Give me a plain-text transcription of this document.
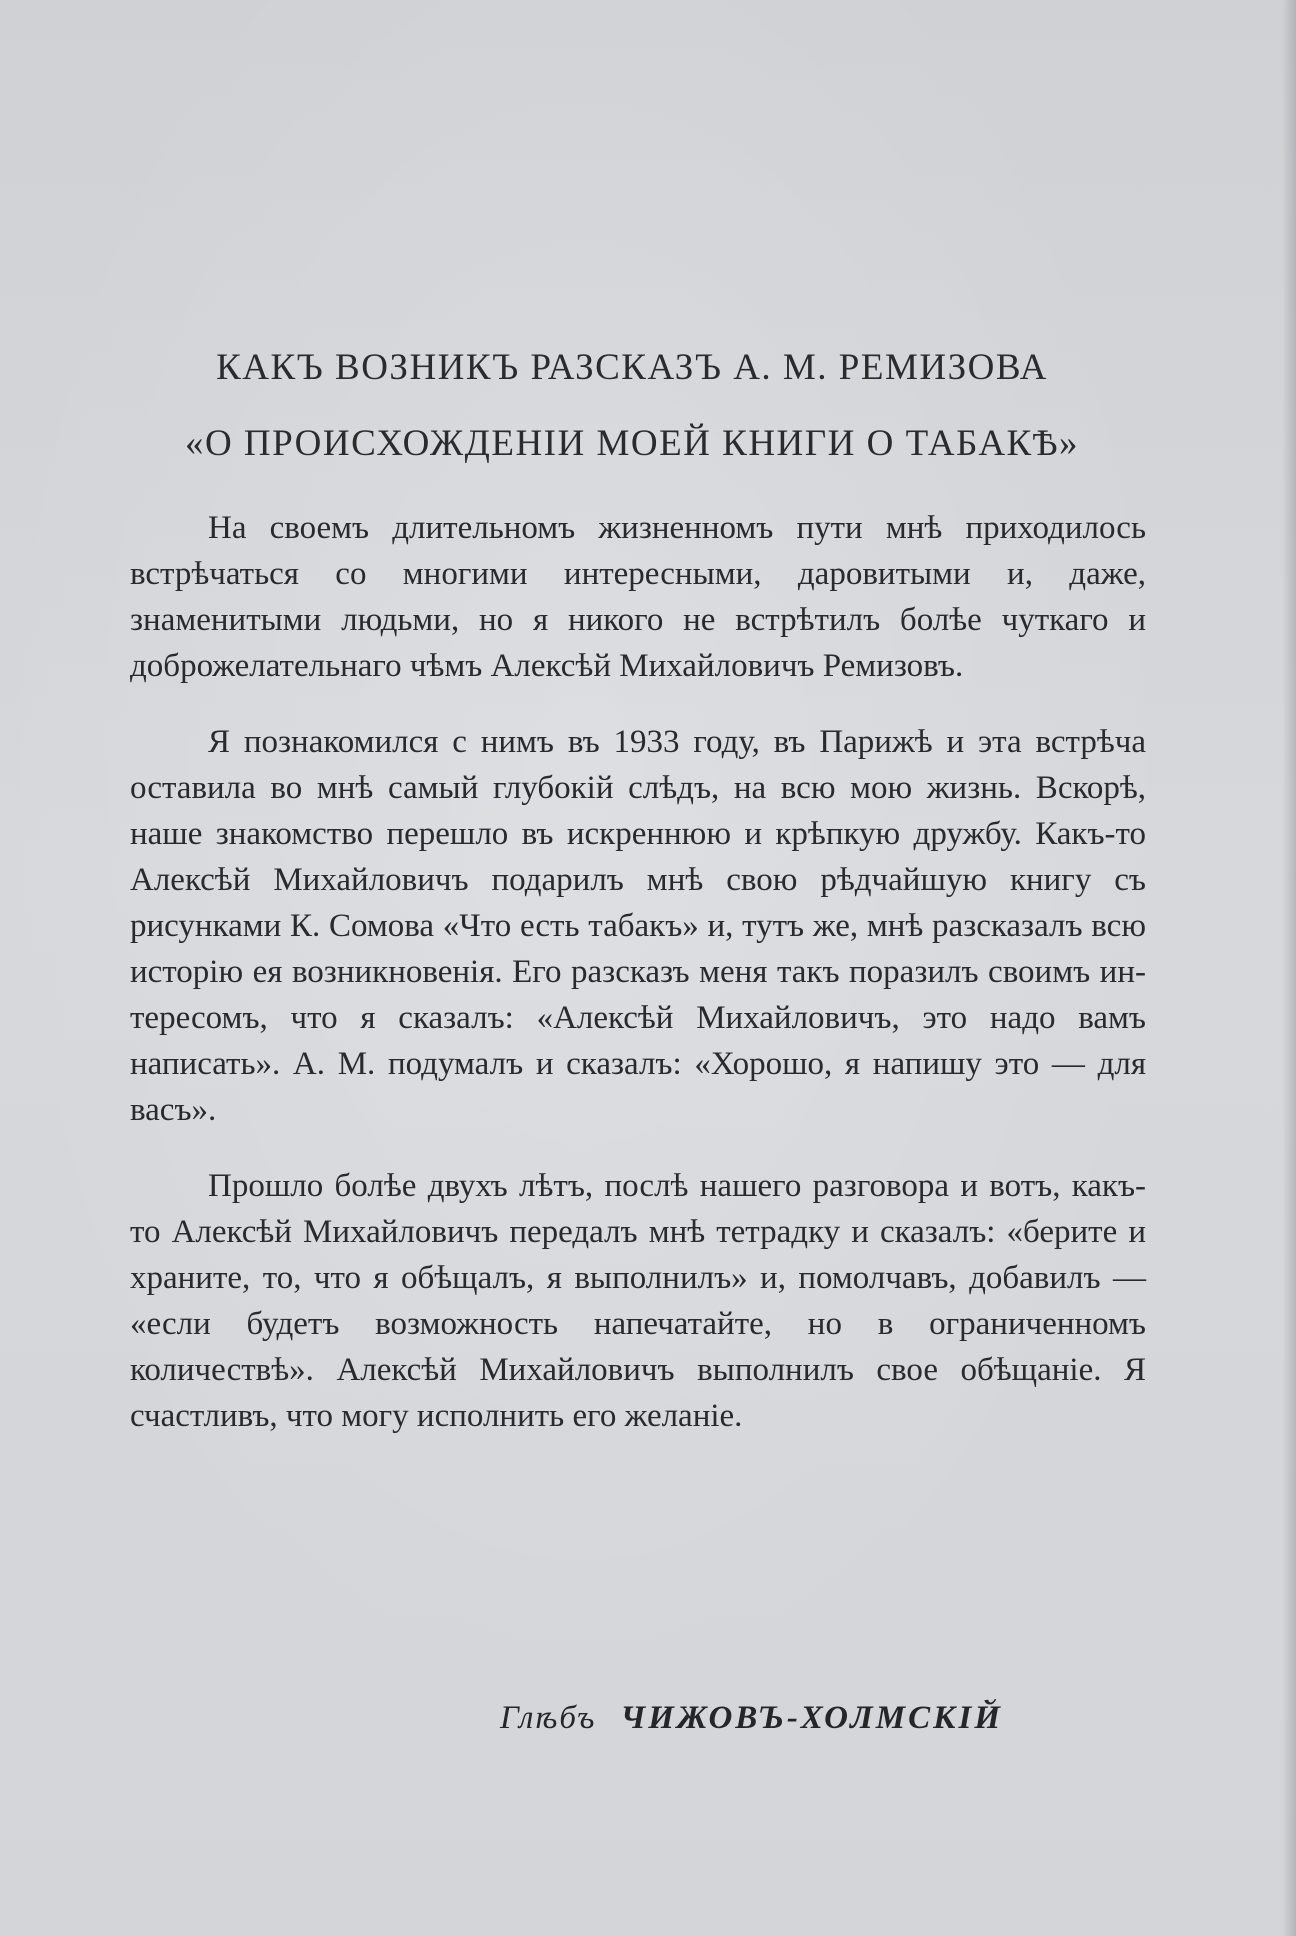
КАКЪ ВОЗНИКЪ РАЗСКАЗЪ А. М. РЕМИЗОВА
«О ПРОИСХОЖДЕНІИ МОЕЙ КНИГИ О ТАБАКѢ»

На своемъ длительномъ жизненномъ пути мнѣ приходилось встрѣчаться со многими интересными, даровитыми и, даже, знаменитыми людьми, но я никого не встрѣтилъ болѣе чуткаго и доброжелательнаго чѣмъ Алексѣй Михайловичъ Ремизовъ.

Я познакомился с нимъ въ 1933 году, въ Парижѣ и эта встрѣча оставила во мнѣ самый глубокій слѣдъ, на всю мою жизнь. Вскорѣ, наше знакомство перешло въ искреннюю и крѣпкую дружбу. Какъ-то Алексѣй Михайловичъ подарилъ мнѣ свою рѣдчайшую книгу съ рисунками К. Сомова «Что есть табакъ» и, тутъ же, мнѣ разсказалъ всю исторію ея возникновенія. Его разсказъ меня такъ поразилъ своимъ интересомъ, что я сказалъ: «Алексѣй Михайловичъ, это надо вамъ написать». А. М. подумалъ и сказалъ: «Хорошо, я напишу это — для васъ».

Прошло болѣе двухъ лѣтъ, послѣ нашего разговора и вотъ, какъ-то Алексѣй Михайловичъ передалъ мнѣ тетрадку и сказалъ: «берите и храните, то, что я обѣщалъ, я выполнилъ» и, помолчавъ, добавилъ — «если будетъ возможность напечатайте, но в ограниченномъ количествѣ». Алексѣй Михайловичъ выполнилъ свое обѣщаніе. Я счастливъ, что могу исполнить его желаніе.

Глѣбъ ЧИЖОВЪ-ХОЛМСКІЙ
